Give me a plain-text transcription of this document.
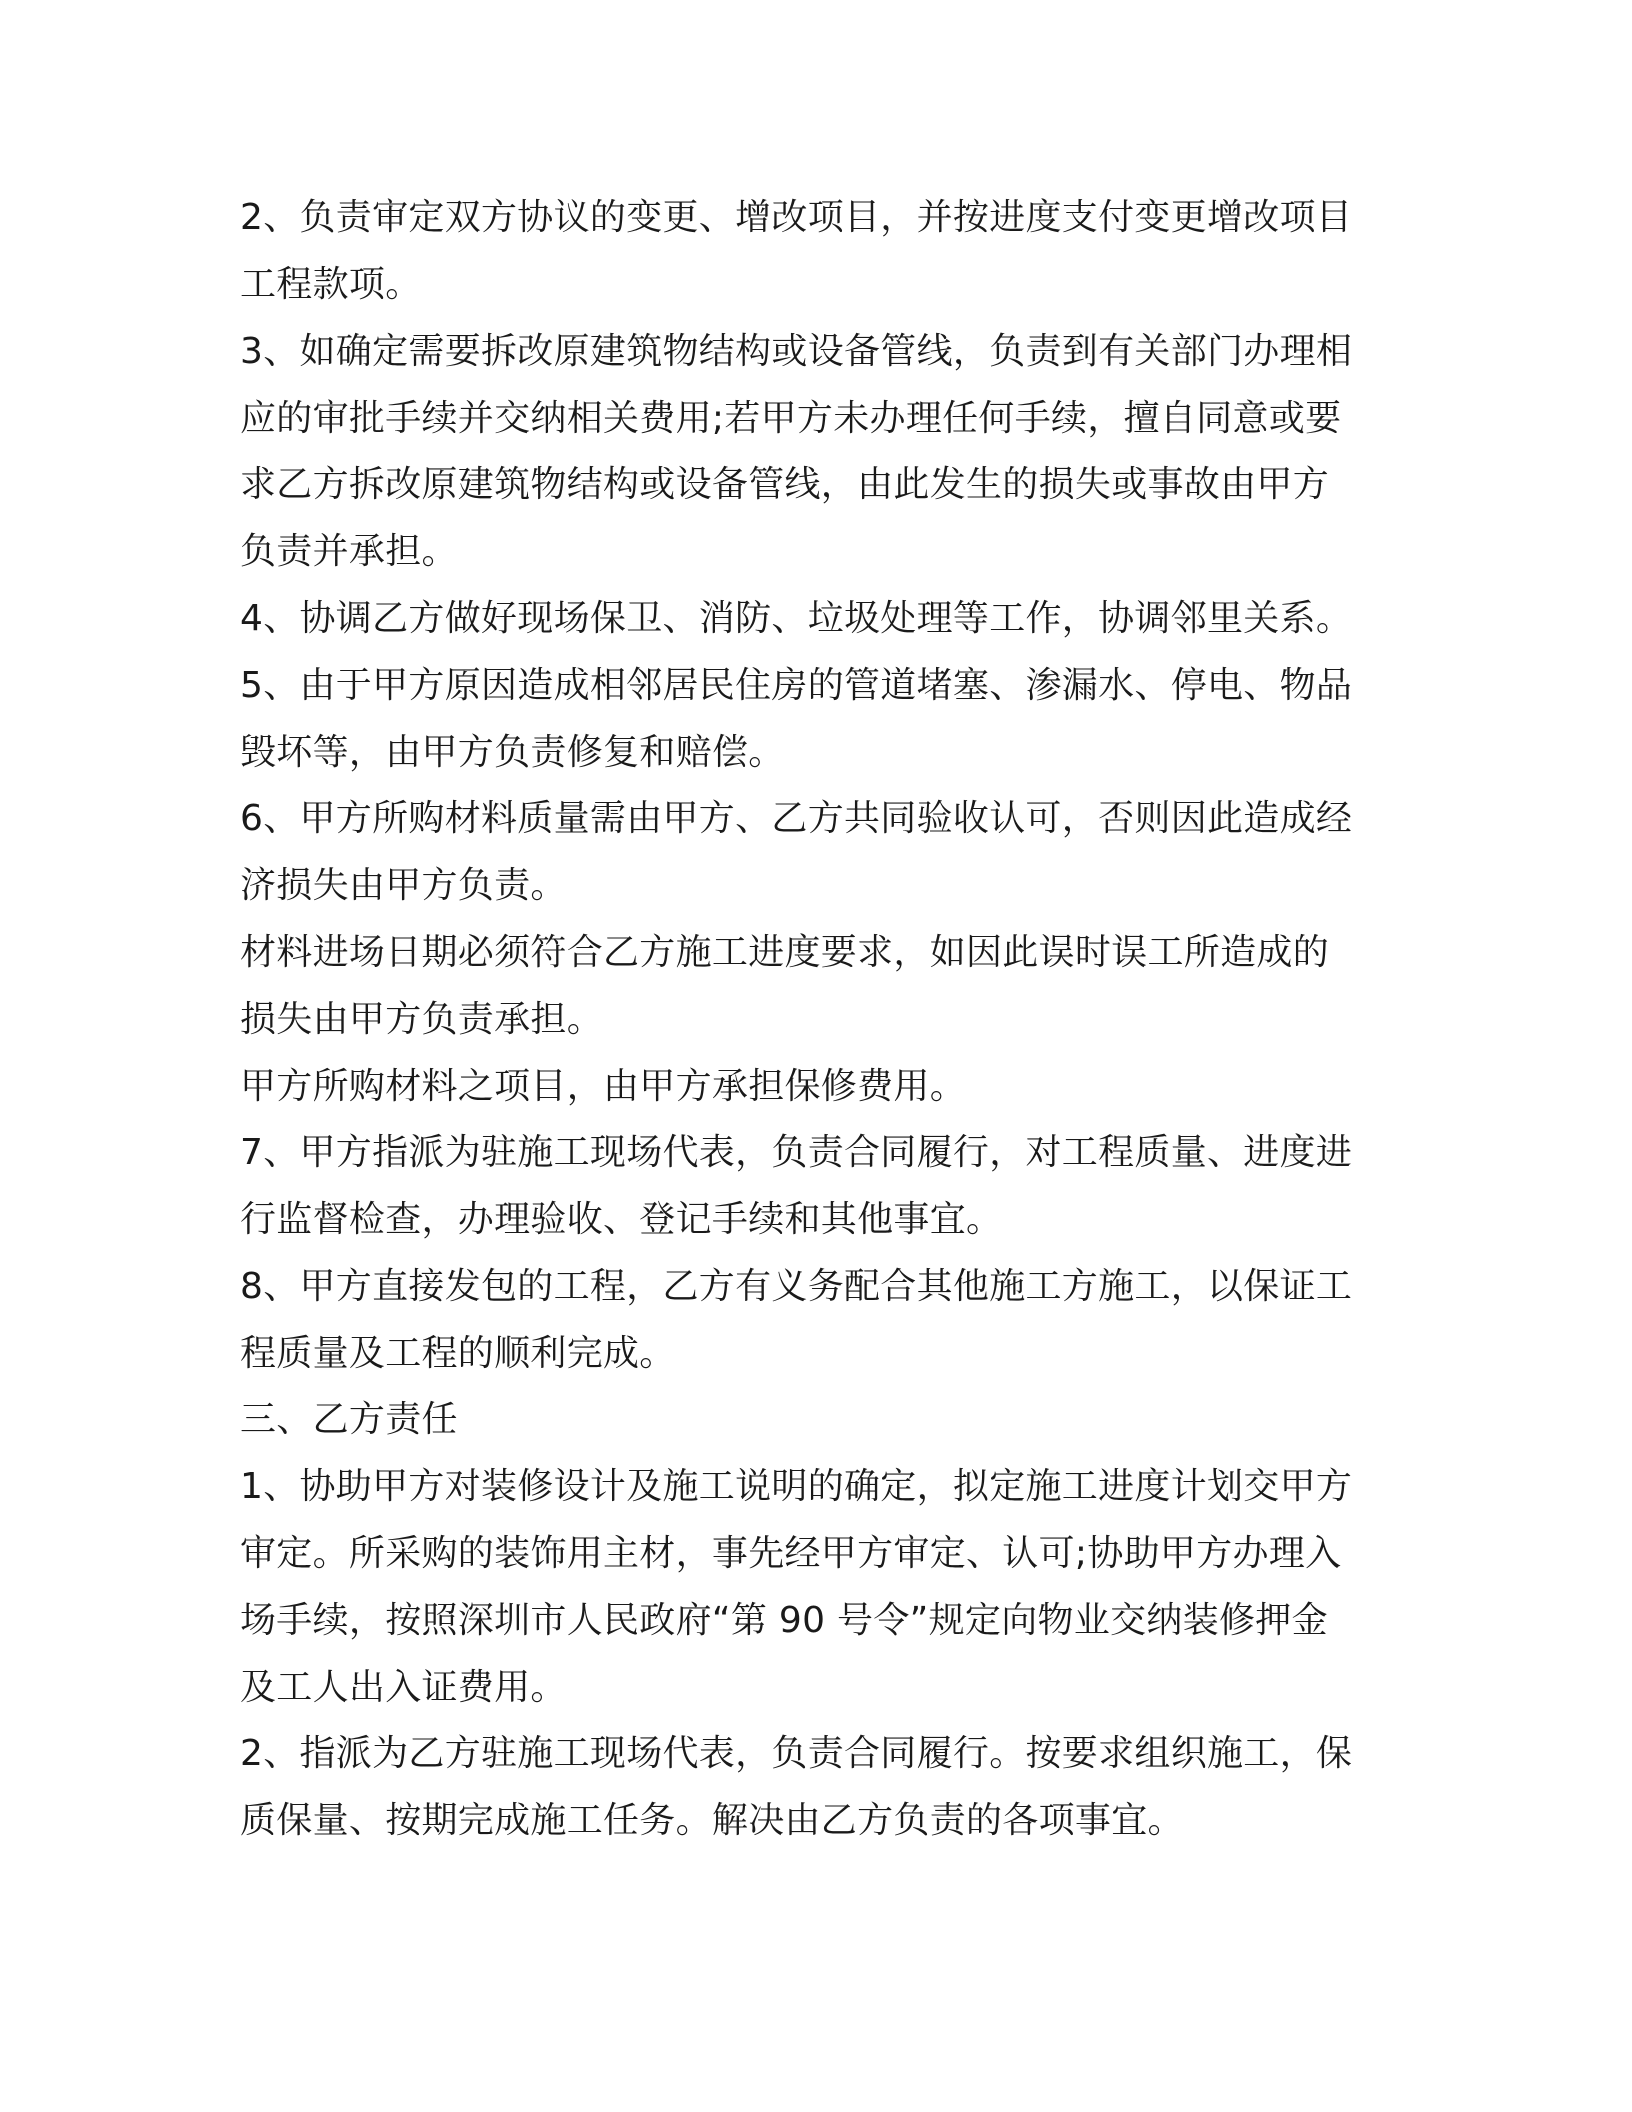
2、负责审定双方协议的变更、增改项目，并按进度支付变更增改项目
工程款项。
3、如确定需要拆改原建筑物结构或设备管线，负责到有关部门办理相
应的审批手续并交纳相关费用;若甲方未办理任何手续，擅自同意或要
求乙方拆改原建筑物结构或设备管线，由此发生的损失或事故由甲方
负责并承担。
4、协调乙方做好现场保卫、消防、垃圾处理等工作，协调邻里关系。
5、由于甲方原因造成相邻居民住房的管道堵塞、渗漏水、停电、物品
毁坏等，由甲方负责修复和赔偿。
6、甲方所购材料质量需由甲方、乙方共同验收认可，否则因此造成经
济损失由甲方负责。
材料进场日期必须符合乙方施工进度要求，如因此误时误工所造成的
损失由甲方负责承担。
甲方所购材料之项目，由甲方承担保修费用。
7、甲方指派为驻施工现场代表，负责合同履行，对工程质量、进度进
行监督检查，办理验收、登记手续和其他事宜。
8、甲方直接发包的工程，乙方有义务配合其他施工方施工，以保证工
程质量及工程的顺利完成。
三、乙方责任
1、协助甲方对装修设计及施工说明的确定，拟定施工进度计划交甲方
审定。所采购的装饰用主材，事先经甲方审定、认可;协助甲方办理入
场手续，按照深圳市人民政府“第 90 号令”规定向物业交纳装修押金
及工人出入证费用。
2、指派为乙方驻施工现场代表，负责合同履行。按要求组织施工，保
质保量、按期完成施工任务。解决由乙方负责的各项事宜。
